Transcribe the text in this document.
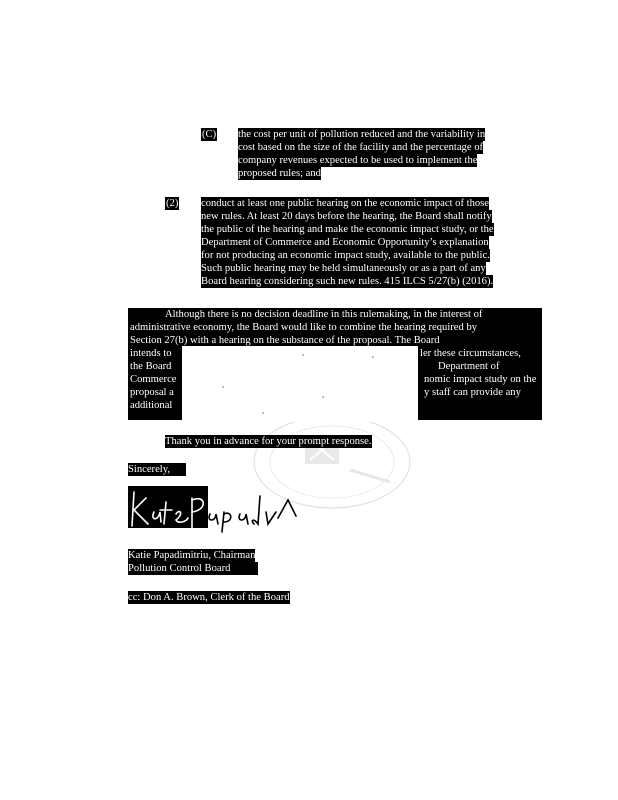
(C) the cost per unit of pollution reduced and the variability in
cost based on the size of the facility and the percentage of
company revenues expected to be used to implement the
proposed rules; and
(2) conduct at least one public hearing on the economic impact of those
new rules. At least 20 days before the hearing, the Board shall notify
the public of the hearing and make the economic impact study, or the
Department of Commerce and Economic Opportunity’s explanation
for not producing an economic impact study, available to the public.
Such public hearing may be held simultaneously or as a part of any
Board hearing considering such new rules. 415 ILCS 5/27(b) (2016).
Although there is no decision deadline in this rulemaking, in the interest of
administrative economy, the Board would like to combine the hearing required by
Section 27(b) with a hearing on the substance of the proposal. The Board
intends to	ler these circumstances,
the Board	Department of
Commerce	nomic impact study on the
proposal a	y staff can provide any
additional
Thank you in advance for your prompt response.
Sincerely,
Katie Papadimitriu, Chairman
Pollution Control Board
cc: Don A. Brown, Clerk of the Board
